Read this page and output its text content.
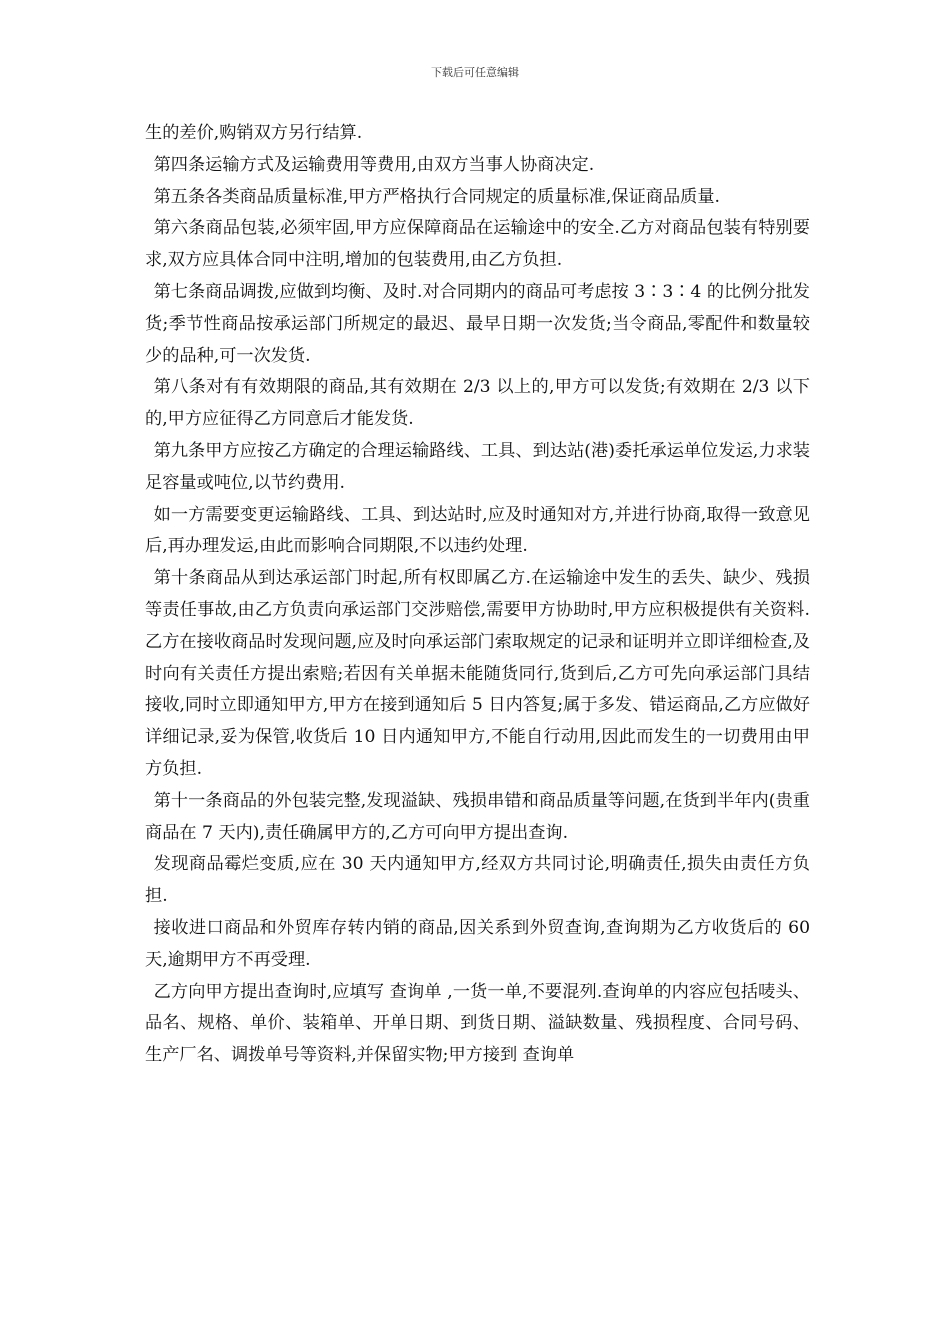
下载后可任意编辑

生的差价,购销双方另行结算.

第四条运输方式及运输费用等费用,由双方当事人协商决定.

第五条各类商品质量标准,甲方严格执行合同规定的质量标准,保证商品质量.

第六条商品包装,必须牢固,甲方应保障商品在运输途中的安全.乙方对商品包装有特别要求,双方应具体合同中注明,增加的包装费用,由乙方负担.

第七条商品调拨,应做到均衡、及时.对合同期内的商品可考虑按 3∶3∶4 的比例分批发货;季节性商品按承运部门所规定的最迟、最早日期一次发货;当令商品,零配件和数量较少的品种,可一次发货.

第八条对有有效期限的商品,其有效期在 2/3 以上的,甲方可以发货;有效期在 2/3 以下的,甲方应征得乙方同意后才能发货.

第九条甲方应按乙方确定的合理运输路线、工具、到达站(港)委托承运单位发运,力求装足容量或吨位,以节约费用.

如一方需要变更运输路线、工具、到达站时,应及时通知对方,并进行协商,取得一致意见后,再办理发运,由此而影响合同期限,不以违约处理.

第十条商品从到达承运部门时起,所有权即属乙方.在运输途中发生的丢失、缺少、残损等责任事故,由乙方负责向承运部门交涉赔偿,需要甲方协助时,甲方应积极提供有关资料.乙方在接收商品时发现问题,应及时向承运部门索取规定的记录和证明并立即详细检查,及时向有关责任方提出索赔;若因有关单据未能随货同行,货到后,乙方可先向承运部门具结接收,同时立即通知甲方,甲方在接到通知后 5 日内答复;属于多发、错运商品,乙方应做好详细记录,妥为保管,收货后 10 日内通知甲方,不能自行动用,因此而发生的一切费用由甲方负担.

第十一条商品的外包装完整,发现溢缺、残损串错和商品质量等问题,在货到半年内(贵重商品在 7 天内),责任确属甲方的,乙方可向甲方提出查询.

发现商品霉烂变质,应在 30 天内通知甲方,经双方共同讨论,明确责任,损失由责任方负担.

接收进口商品和外贸库存转内销的商品,因关系到外贸查询,查询期为乙方收货后的 60 天,逾期甲方不再受理.

乙方向甲方提出查询时,应填写 查询单 ,一货一单,不要混列.查询单的内容应包括唛头、品名、规格、单价、装箱单、开单日期、到货日期、溢缺数量、残损程度、合同号码、生产厂名、调拨单号等资料,并保留实物;甲方接到 查询单
